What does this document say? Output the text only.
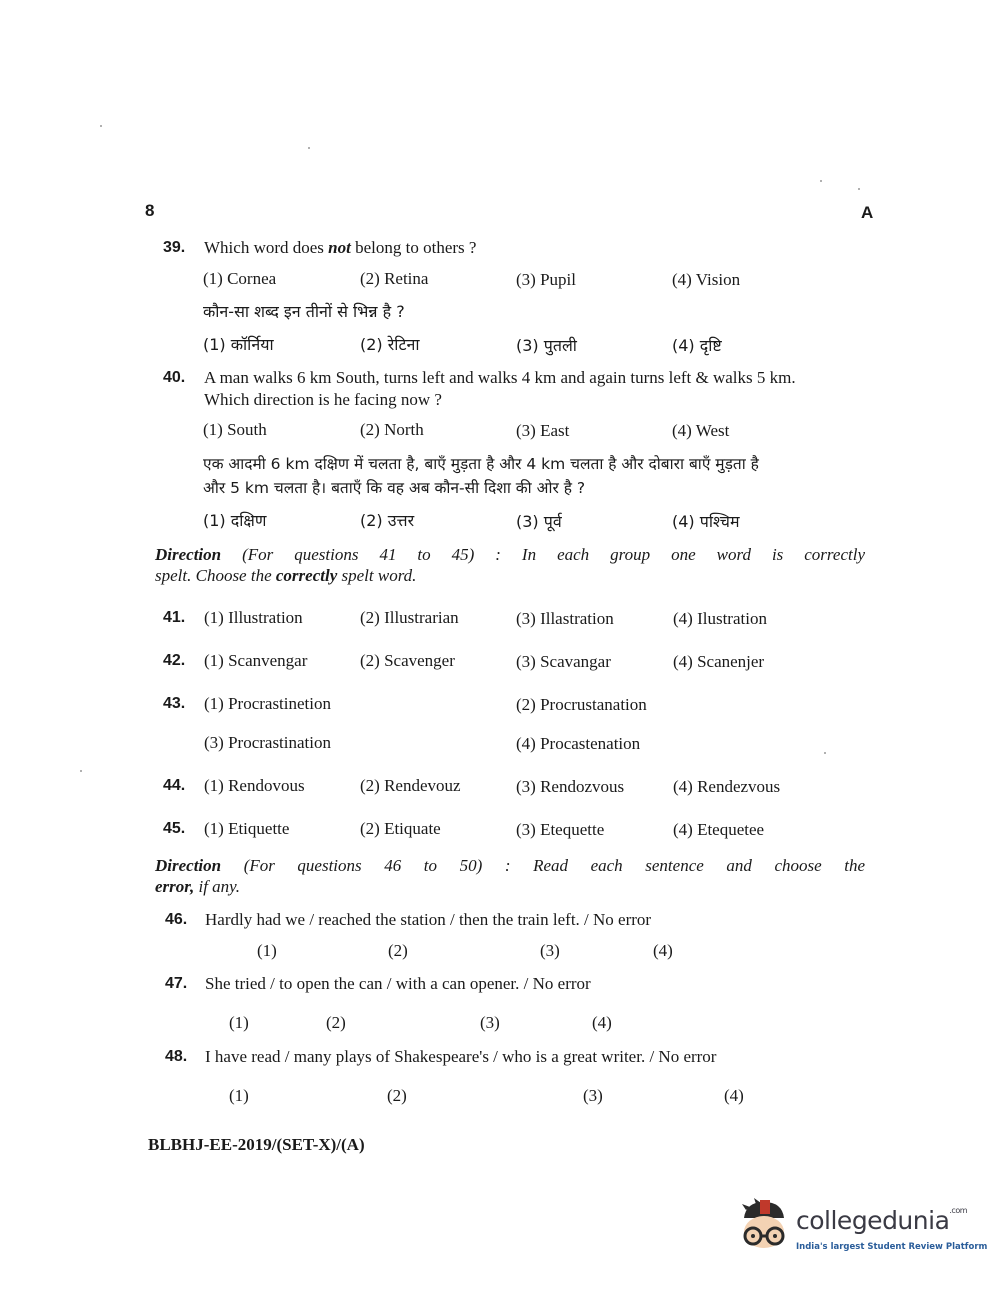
8	A
39. Which word does not belong to others ?
(1) Cornea	(2) Retina	(3) Pupil	(4) Vision
कौन-सा शब्द इन तीनों से भिन्न है ?
(1) कॉर्निया	(2) रेटिना	(3) पुतली	(4) दृष्टि
40. A man walks 6 km South, turns left and walks 4 km and again turns left & walks 5 km.
Which direction is he facing now ?
(1) South	(2) North	(3) East	(4) West
एक आदमी 6 km दक्षिण में चलता है, बाएँ मुड़ता है और 4 km चलता है और दोबारा बाएँ मुड़ता है
और 5 km चलता है। बताएँ कि वह अब कौन-सी दिशा की ओर है ?
(1) दक्षिण	(2) उत्तर	(3) पूर्व	(4) पश्चिम
Direction (For questions 41 to 45) : In each group one word is correctly
spelt. Choose the correctly spelt word.
41. (1) Illustration	(2) Illustrarian	(3) Illastration	(4) Ilustration
42. (1) Scanvengar	(2) Scavenger	(3) Scavangar	(4) Scanenjer
43. (1) Procrastinetion	(2) Procrustanation
(3) Procrastination	(4) Procastenation
44. (1) Rendovous	(2) Rendevouz	(3) Rendozvous	(4) Rendezvous
45. (1) Etiquette	(2) Etiquate	(3) Etequette	(4) Etequetee
Direction (For questions 46 to 50) : Read each sentence and choose the
error, if any.
46. Hardly had we / reached the station / then the train left. / No error
(1)	(2)	(3)	(4)
47. She tried / to open the can / with a can opener. / No error
(1)	(2)	(3)	(4)
48. I have read / many plays of Shakespeare's / who is a great writer. / No error
(1)	(2)	(3)	(4)
BLBHJ-EE-2019/(SET-X)/(A)
collegedunia$^{.com}$
India's largest Student Review Platform
